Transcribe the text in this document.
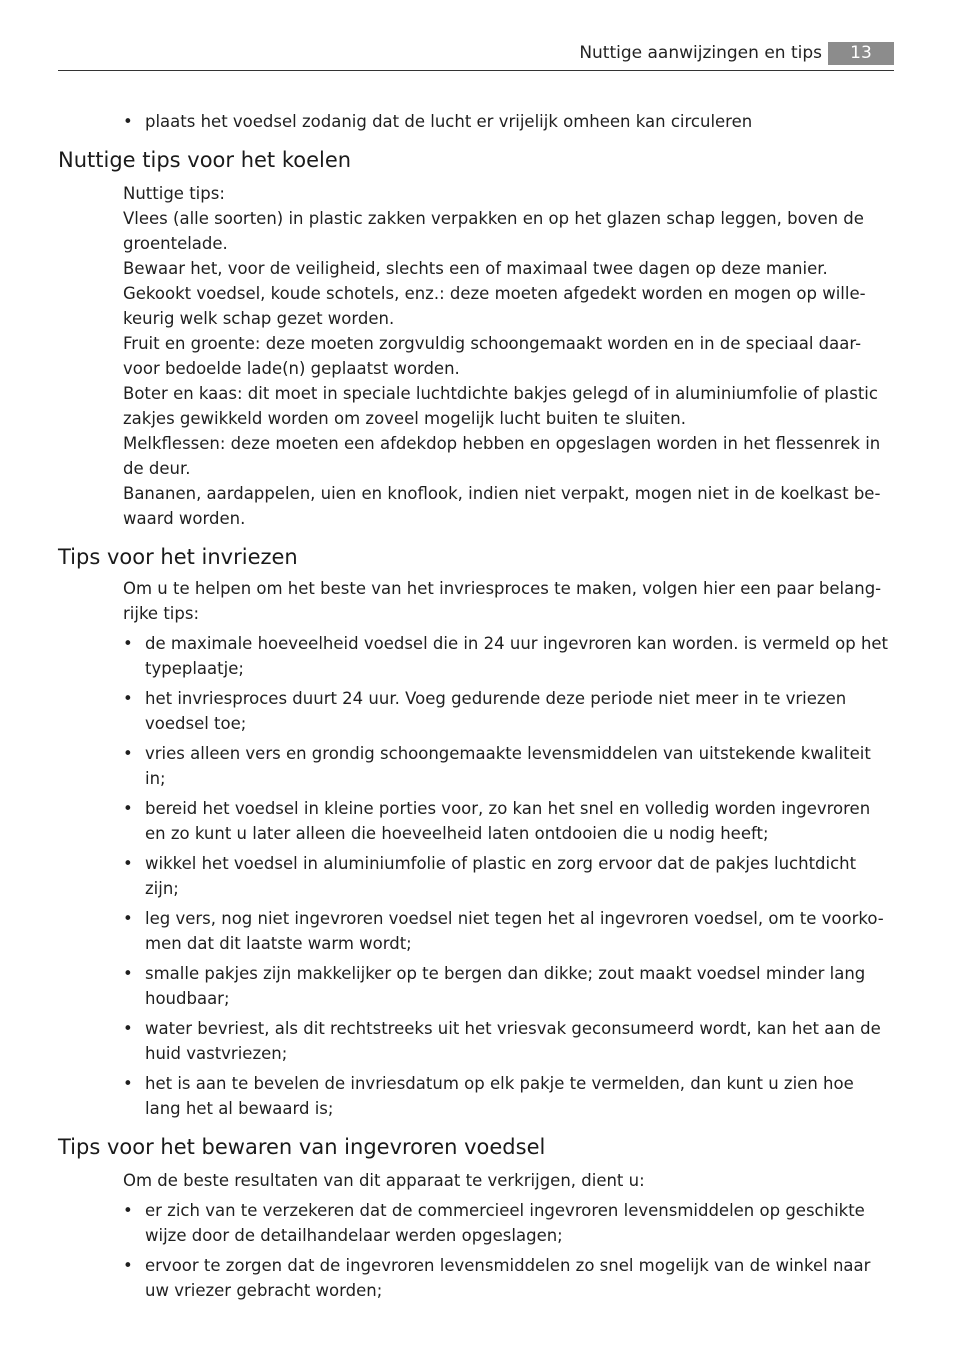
Nuttige aanwijzingen en tips	13
• plaats het voedsel zodanig dat de lucht er vrijelijk omheen kan circuleren
Nuttige tips voor het koelen

Nuttige tips:

Vlees (alle soorten) in plastic zakken verpakken en op het glazen schap leggen, boven de groentelade.

Bewaar het, voor de veiligheid, slechts een of maximaal twee dagen op deze manier.

Gekookt voedsel, koude schotels, enz.: deze moeten afgedekt worden en mogen op wille-keurig welk schap gezet worden.

Fruit en groente: deze moeten zorgvuldig schoongemaakt worden en in de speciaal daar-voor bedoelde lade(n) geplaatst worden.

Boter en kaas: dit moet in speciale luchtdichte bakjes gelegd of in aluminiumfolie of plastic zakjes gewikkeld worden om zoveel mogelijk lucht buiten te sluiten.

Melkflessen: deze moeten een afdekdop hebben en opgeslagen worden in het flessenrek in de deur.

Bananen, aardappelen, uien en knoflook, indien niet verpakt, mogen niet in de koelkast be-waard worden.

Tips voor het invriezen

Om u te helpen om het beste van het invriesproces te maken, volgen hier een paar belang-rijke tips:

• de maximale hoeveelheid voedsel die in 24 uur ingevroren kan worden. is vermeld op het typeplaatje;
• het invriesproces duurt 24 uur. Voeg gedurende deze periode niet meer in te vriezen voedsel toe;
• vries alleen vers en grondig schoongemaakte levensmiddelen van uitstekende kwaliteit in;
• bereid het voedsel in kleine porties voor, zo kan het snel en volledig worden ingevroren en zo kunt u later alleen die hoeveelheid laten ontdooien die u nodig heeft;
• wikkel het voedsel in aluminiumfolie of plastic en zorg ervoor dat de pakjes luchtdicht zijn;
• leg vers, nog niet ingevroren voedsel niet tegen het al ingevroren voedsel, om te voorko-men dat dit laatste warm wordt;
• smalle pakjes zijn makkelijker op te bergen dan dikke; zout maakt voedsel minder lang houdbaar;
• water bevriest, als dit rechtstreeks uit het vriesvak geconsumeerd wordt, kan het aan de huid vastvriezen;
• het is aan te bevelen de invriesdatum op elk pakje te vermelden, dan kunt u zien hoe lang het al bewaard is;
Tips voor het bewaren van ingevroren voedsel

Om de beste resultaten van dit apparaat te verkrijgen, dient u:

• er zich van te verzekeren dat de commercieel ingevroren levensmiddelen op geschikte wijze door de detailhandelaar werden opgeslagen;
• ervoor te zorgen dat de ingevroren levensmiddelen zo snel mogelijk van de winkel naar uw vriezer gebracht worden;
